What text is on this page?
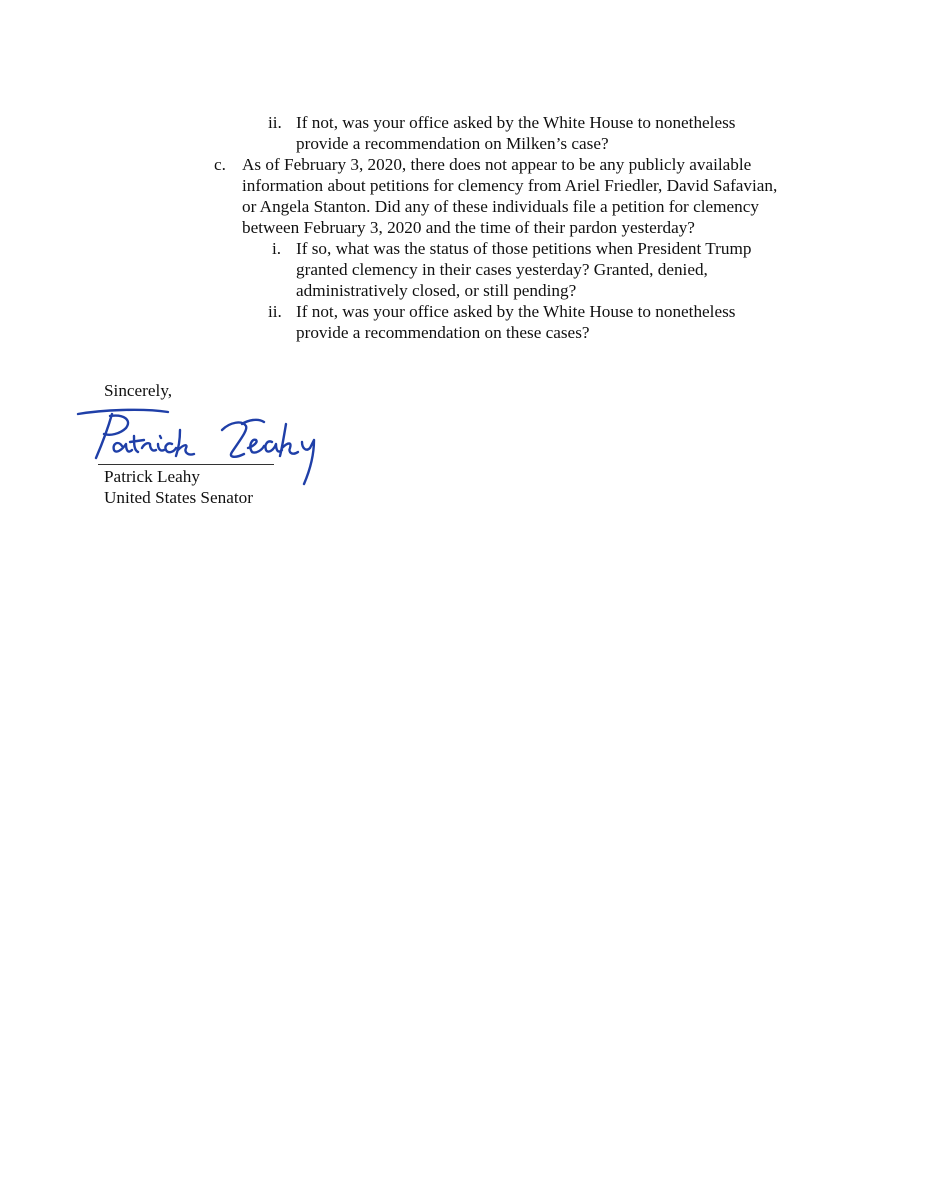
ii. If not, was your office asked by the White House to nonetheless
provide a recommendation on Milken’s case?
c. As of February 3, 2020, there does not appear to be any publicly available
information about petitions for clemency from Ariel Friedler, David Safavian,
or Angela Stanton. Did any of these individuals file a petition for clemency
between February 3, 2020 and the time of their pardon yesterday?
i. If so, what was the status of those petitions when President Trump
granted clemency in their cases yesterday? Granted, denied,
administratively closed, or still pending?
ii. If not, was your office asked by the White House to nonetheless
provide a recommendation on these cases?
Sincerely,
Patrick Leahy
United States Senator
